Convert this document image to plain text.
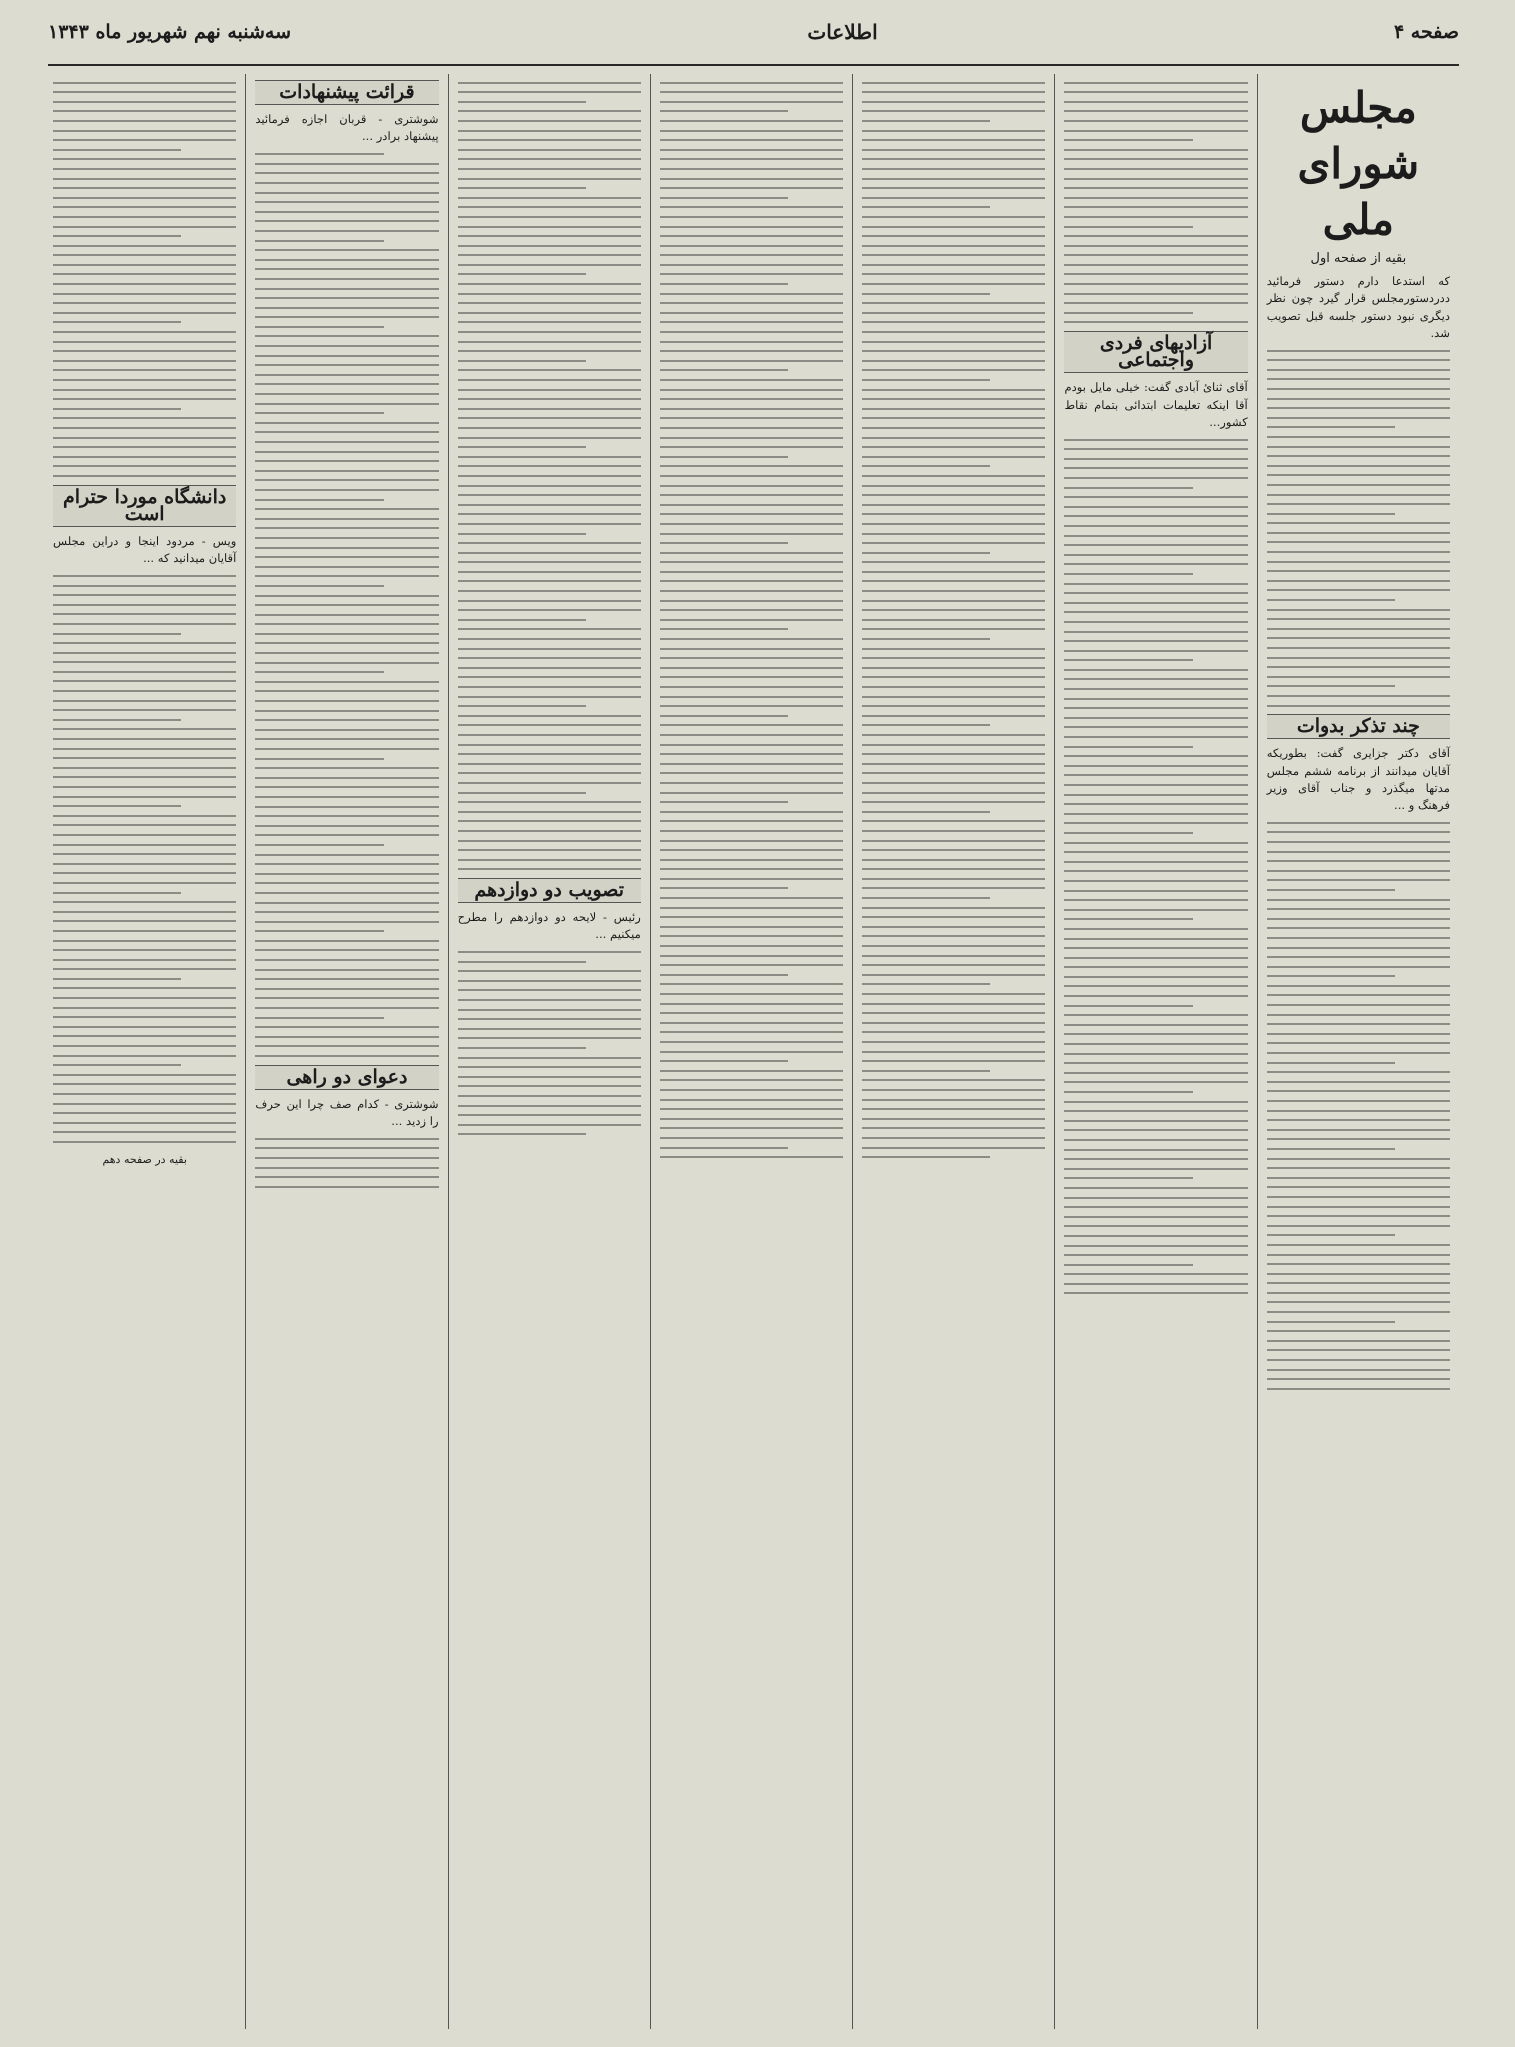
صفحه ۴
اطلاعات
سه‌شنبه نهم شهریور ماه ۱۳۴۳
مجلس شورای ملی
بقیه از صفحه اول

که استدعا دارم دستور فرمائید ددردستورمجلس قرار گیرد چون نظر دیگری نبود دستور جلسه قبل تصویب شد.

چند تذکر بدوات

آقای دکتر جزایری گفت: بطوریکه آقایان میدانند از برنامه ششم مجلس مدتها میگذرد و جناب آقای وزیر فرهنگ و ...

آزادیهای فردی واجتماعی

آقای ثنائ آبادی گفت: خیلی مایل بودم آقا اینکه تعلیمات ابتدائی بتمام نقاط کشور...

تصویب دو دوازدهم

رئیس - لایحه دو دوازدهم را مطرح میکنیم ...

قرائت پیشنهادات

شوشتری - قربان اجازه فرمائید پیشنهاد برادر ...

دعوای دو راهی

شوشتری - کدام صف چرا این حرف را زدید ...

دانشگاه موردا حترام است

ویس - مردود اینجا و دراین مجلس آقایان میدانید که ...

بقیه در صفحه دهم
